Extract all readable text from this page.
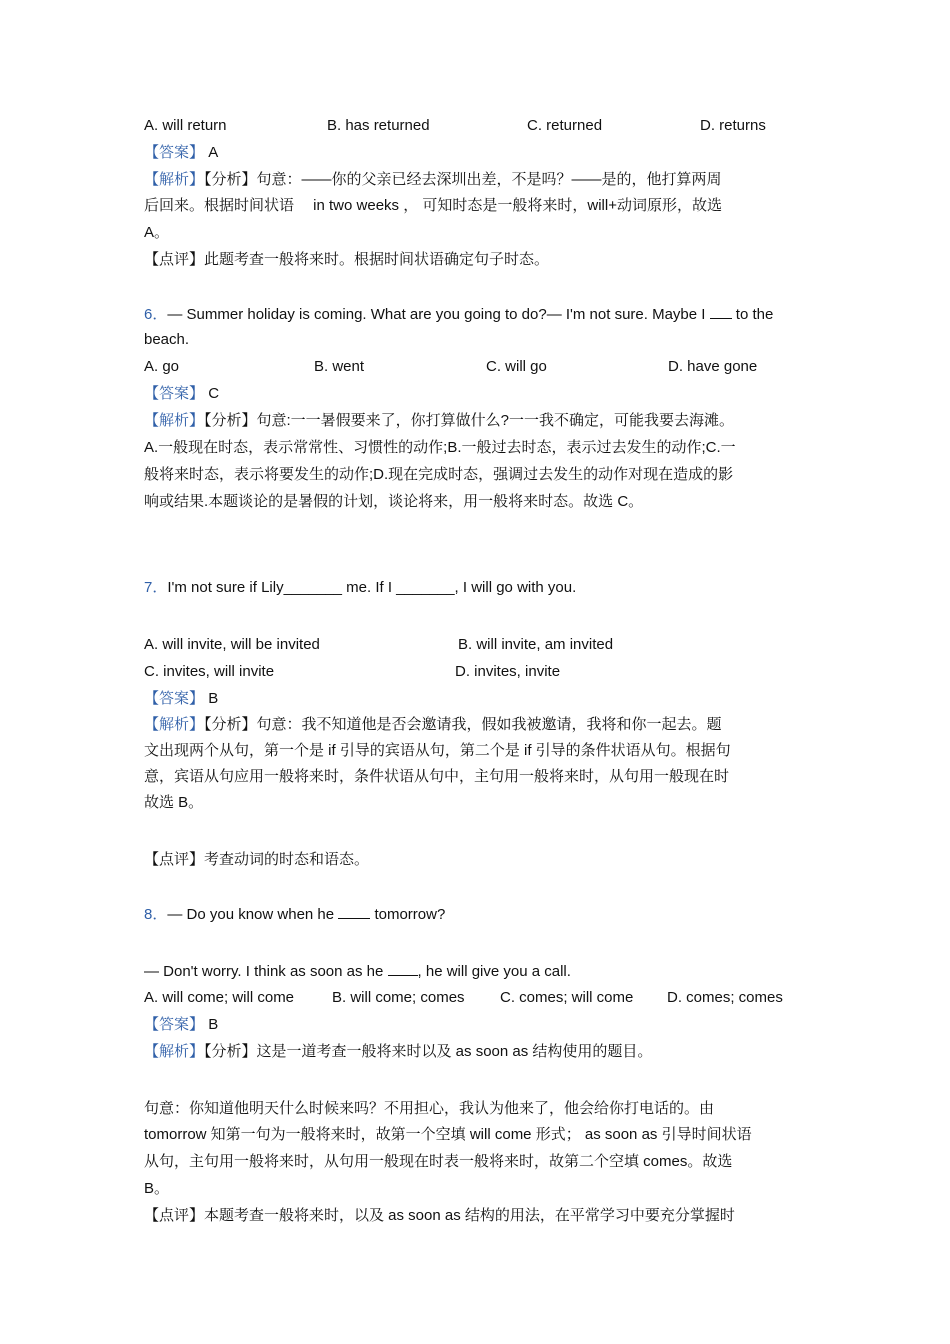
A. will return	B. has returned	C. returned	D. returns
【答案】 A
【解析】【分析】句意：——你的父亲已经去深圳出差，不是吗？——是的，他打算两周
后回来。根据时间状语　 in two weeks ， 可知时态是一般将来时，will+动词原形，故选
A。
【点评】此题考查一般将来时。根据时间状语确定句子时态。
6．— Summer holiday is coming. What are you going to do?— I'm not sure. Maybe I  to the
beach.
A. go	B. went	C. will go	D. have gone
【答案】 C
【解析】【分析】句意:一一暑假要来了，你打算做什么?一一我不确定，可能我要去海滩。
A.一般现在时态，表示常常性、习惯性的动作;B.一般过去时态，表示过去发生的动作;C.一
般将来时态，表示将要发生的动作;D.现在完成时态，强调过去发生的动作对现在造成的影
响或结果.本题谈论的是暑假的计划，谈论将来，用一般将来时态。故选 C。
7．I'm not sure if Lily_______ me. If I _______, I will go with you.
A. will invite, will be invited	B. will invite, am invited
C. invites, will invite	D. invites, invite
【答案】 B
【解析】【分析】句意：我不知道他是否会邀请我，假如我被邀请，我将和你一起去。题
文出现两个从句，第一个是 if 引导的宾语从句，第二个是 if 引导的条件状语从句。根据句
意，宾语从句应用一般将来时，条件状语从句中，主句用一般将来时，从句用一般现在时
故选 B。
【点评】考查动词的时态和语态。
8．— Do you know when he  tomorrow?
— Don't worry. I think as soon as he , he will give you a call.
A. will come; will come	B. will come; comes C. comes; will come D. comes; comes
【答案】 B
【解析】【分析】这是一道考查一般将来时以及 as soon as 结构使用的题目。
句意：你知道他明天什么时候来吗？不用担心，我认为他来了，他会给你打电话的。由
tomorrow 知第一句为一般将来时，故第一个空填 will come 形式； as soon as 引导时间状语
从句，主句用一般将来时，从句用一般现在时表一般将来时，故第二个空填 comes。故选
B。
【点评】本题考查一般将来时，以及 as soon as 结构的用法，在平常学习中要充分掌握时
